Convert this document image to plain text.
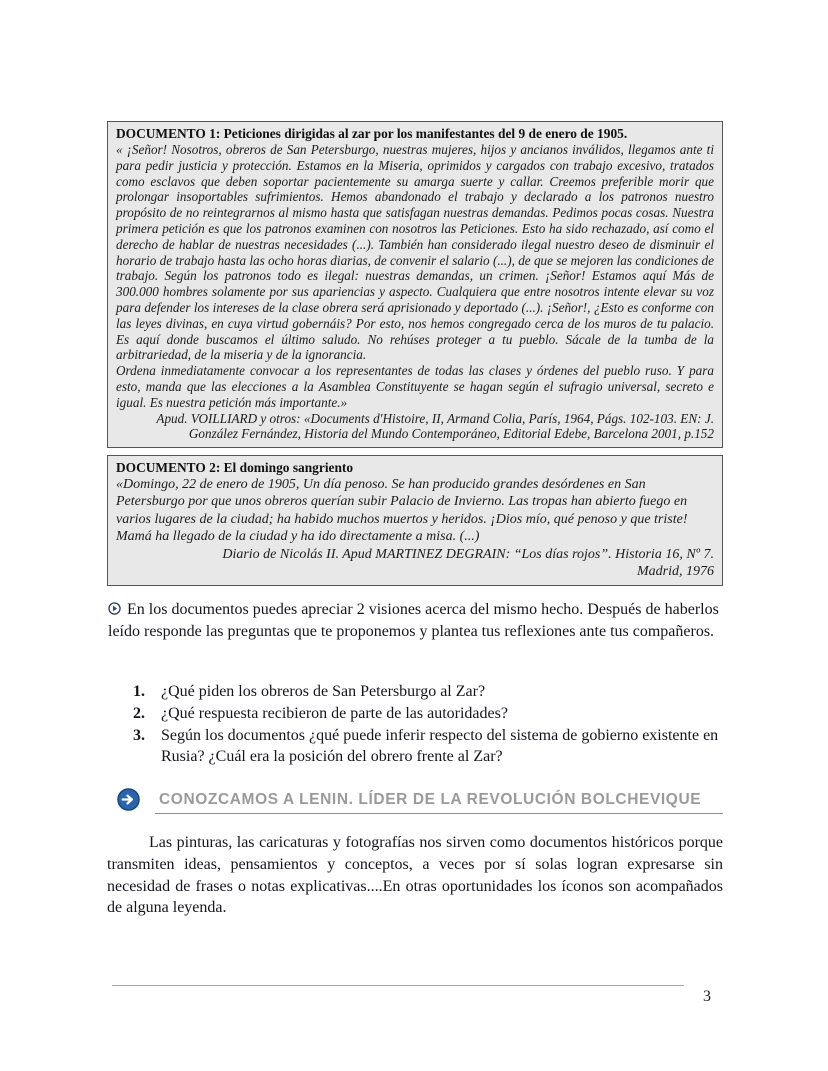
DOCUMENTO 1: Peticiones dirigidas al zar por los manifestantes del 9 de enero de 1905.

« ¡Señor! Nosotros, obreros de San Petersburgo, nuestras mujeres, hijos y ancianos inválidos, llegamos ante ti para pedir justicia y protección. Estamos en la Miseria, oprimidos y cargados con trabajo excesivo, tratados como esclavos que deben soportar pacientemente su amarga suerte y callar. Creemos preferible morir que prolongar insoportables sufrimientos. Hemos abandonado el trabajo y declarado a los patronos nuestro propósito de no reintegrarnos al mismo hasta que satisfagan nuestras demandas. Pedimos pocas cosas. Nuestra primera petición es que los patronos examinen con nosotros las Peticiones. Esto ha sido rechazado, así como el derecho de hablar de nuestras necesidades (...). También han considerado ilegal nuestro deseo de disminuir el horario de trabajo hasta las ocho horas diarias, de convenir el salario (...), de que se mejoren las condiciones de trabajo. Según los patronos todo es ilegal: nuestras demandas, un crimen. ¡Señor! Estamos aquí Más de 300.000 hombres solamente por sus apariencias y aspecto. Cualquiera que entre nosotros intente elevar su voz para defender los intereses de la clase obrera será aprisionado y deportado (...). ¡Señor!, ¿Esto es conforme con las leyes divinas, en cuya virtud gobernáis? Por esto, nos hemos congregado cerca de los muros de tu palacio. Es aquí donde buscamos el último saludo. No rehúses proteger a tu pueblo. Sácale de la tumba de la arbitrariedad, de la miseria y de la ignorancia.

Ordena inmediatamente convocar a los representantes de todas las clases y órdenes del pueblo ruso. Y para esto, manda que las elecciones a la Asamblea Constituyente se hagan según el sufragio universal, secreto e igual. Es nuestra petición más importante.»

Apud. VOILLIARD y otros: «Documents d'Histoire, II, Armand Colia, París, 1964, Págs. 102-103. EN: J.
González Fernández, Historia del Mundo Contemporáneo, Editorial Edebe, Barcelona 2001, p.152
DOCUMENTO 2: El domingo sangriento

«Domingo, 22 de enero de 1905, Un día penoso. Se han producido grandes desórdenes en San Petersburgo por que unos obreros querían subir Palacio de Invierno. Las tropas han abierto fuego en varios lugares de la ciudad; ha habido muchos muertos y heridos. ¡Dios mío, qué penoso y que triste! Mamá ha llegado de la ciudad y ha ido directamente a misa. (...)

Diario de Nicolás II. Apud MARTINEZ DEGRAIN: “Los días rojos”. Historia 16, Nº 7.
Madrid, 1976
En los documentos puedes apreciar 2 visiones acerca del mismo hecho. Después de haberlos leído responde las preguntas que te proponemos y plantea tus reflexiones ante tus compañeros.
1. ¿Qué piden los obreros de San Petersburgo al Zar?
2. ¿Qué respuesta recibieron de parte de las autoridades?
3. Según los documentos ¿qué puede inferir respecto del sistema de gobierno existente en Rusia? ¿Cuál era la posición del obrero frente al Zar?
CONOZCAMOS A LENIN. LÍDER DE LA REVOLUCIÓN BOLCHEVIQUE

Las pinturas, las caricaturas y fotografías nos sirven como documentos históricos porque transmiten ideas, pensamientos y conceptos, a veces por sí solas logran expresarse sin necesidad de frases o notas explicativas....En otras oportunidades los íconos son acompañados de alguna leyenda.

3
